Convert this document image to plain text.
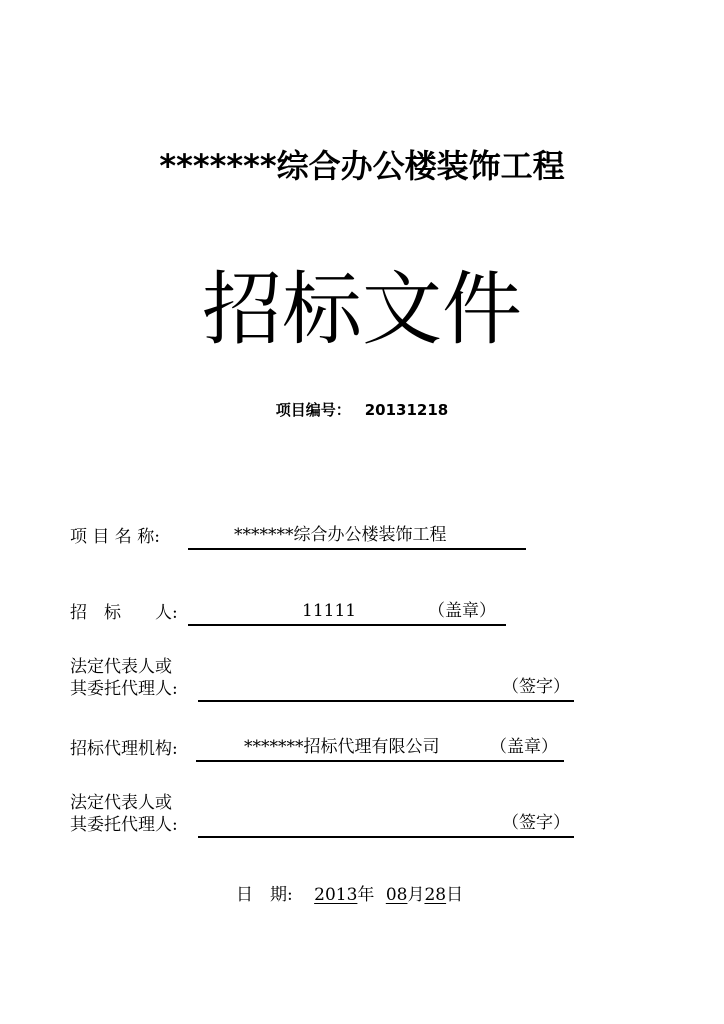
*******综合办公楼装饰工程
招标文件
项目编号： 20131218
项 目 名 称:	*******综合办公楼装饰工程
招　标　　人:	11111	（盖章）
法定代表人或
其委托代理人:	（签字）
招标代理机构:	*******招标代理有限公司	（盖章）
法定代表人或
其委托代理人:	（签字）
日　期: 2013年 08月28日
